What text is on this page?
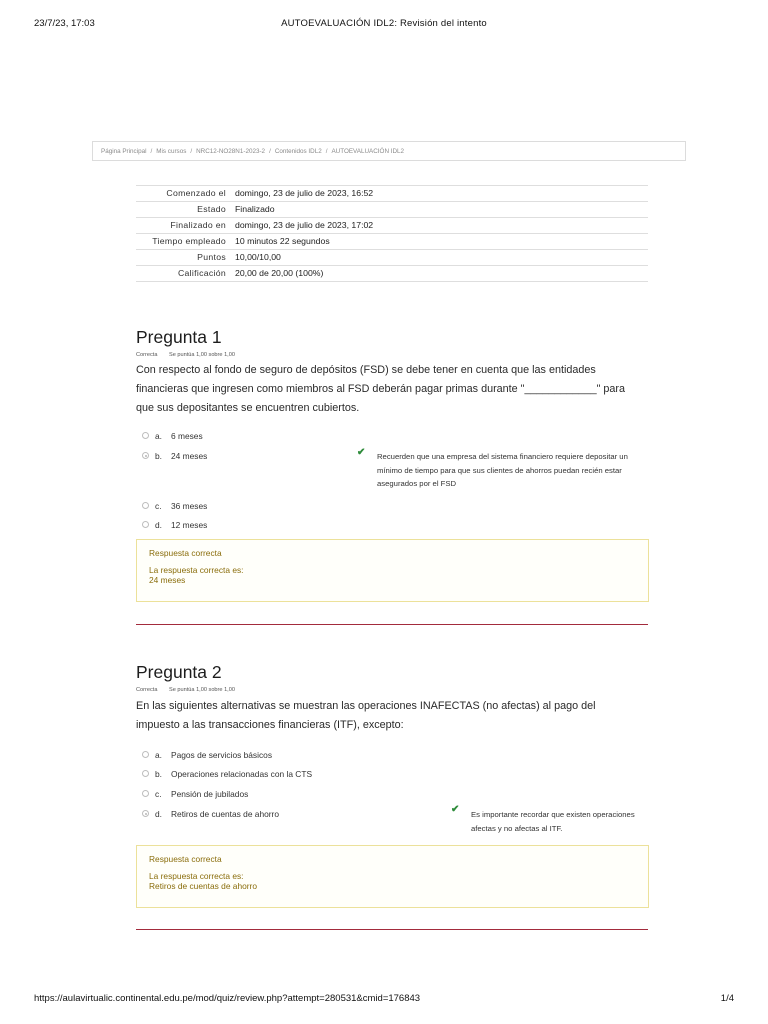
23/7/23, 17:03	AUTOEVALUACIÓN IDL2: Revisión del intento
Página Principal / Mis cursos / NRC12-NO28N1-2023-2 / Contenidos IDL2 / AUTOEVALUACIÓN IDL2
Comenzado el	domingo, 23 de julio de 2023, 16:52
Estado	Finalizado
Finalizado en	domingo, 23 de julio de 2023, 17:02
Tiempo empleado	10 minutos 22 segundos
Puntos	10,00/10,00
Calificación	20,00 de 20,00 (100%)
Pregunta 1
Correcta Se puntúa 1,00 sobre 1,00
Con respecto al fondo de seguro de depósitos (FSD) se debe tener en cuenta que las entidades financieras que ingresen como miembros al FSD deberán pagar primas durante "____________" para que sus depositantes se encuentren cubiertos.
a.	6 meses
b.	24 meses	✔ Recuerden que una empresa del sistema financiero requiere depositar un mínimo de tiempo para que sus clientes de ahorros puedan recién estar asegurados por el FSD
c.	36 meses
d.	12 meses
Respuesta correcta
La respuesta correcta es:
24 meses
Pregunta 2
Correcta Se puntúa 1,00 sobre 1,00
En las siguientes alternativas se muestran las operaciones INAFECTAS (no afectas) al pago del impuesto a las transacciones financieras (ITF), excepto:
a.	Pagos de servicios básicos
b.	Operaciones relacionadas con la CTS
c.	Pensión de jubilados
d.	Retiros de cuentas de ahorro	✔ Es importante recordar que existen operaciones afectas y no afectas al ITF.
Respuesta correcta
La respuesta correcta es:
Retiros de cuentas de ahorro
https://aulavirtualic.continental.edu.pe/mod/quiz/review.php?attempt=280531&cmid=176843	1/4
